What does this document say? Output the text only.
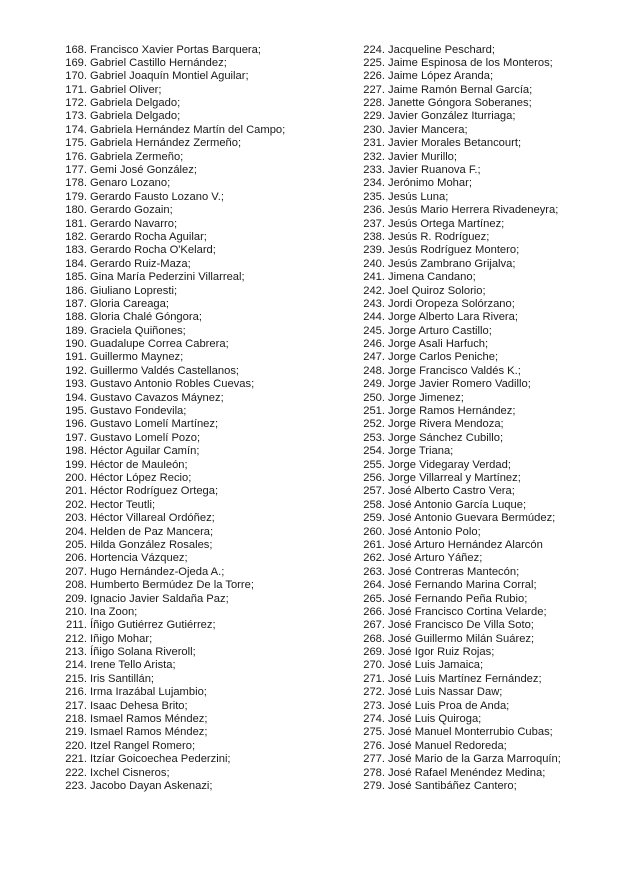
168. Francisco Xavier Portas Barquera;
169. Gabriel Castillo Hernández;
170. Gabriel Joaquín Montiel Aguilar;
171. Gabriel Oliver;
172. Gabriela Delgado;
173. Gabriela Delgado;
174. Gabriela Hernández Martín del Campo;
175. Gabriela Hernández Zermeño;
176. Gabriela Zermeño;
177. Gemi José González;
178. Genaro Lozano;
179. Gerardo Fausto Lozano V.;
180. Gerardo Gozain;
181. Gerardo Navarro;
182. Gerardo Rocha Aguilar;
183. Gerardo Rocha O'Kelard;
184. Gerardo Ruiz-Maza;
185. Gina María Pederzini Villarreal;
186. Giuliano Lopresti;
187. Gloria Careaga;
188. Gloria Chalé Góngora;
189. Graciela Quiñones;
190. Guadalupe Correa Cabrera;
191. Guillermo Maynez;
192. Guillermo Valdés Castellanos;
193. Gustavo Antonio Robles Cuevas;
194. Gustavo Cavazos Máynez;
195. Gustavo Fondevila;
196. Gustavo Lomelí Martínez;
197. Gustavo Lomelí Pozo;
198. Héctor Aguilar Camín;
199. Héctor de Mauleón;
200. Héctor López Recio;
201. Héctor Rodríguez Ortega;
202. Hector Teutli;
203. Héctor Villareal Ordóñez;
204. Helden de Paz Mancera;
205. Hilda González Rosales;
206. Hortencia Vázquez;
207. Hugo Hernández-Ojeda A.;
208. Humberto Bermúdez De la Torre;
209. Ignacio Javier Saldaña Paz;
210. Ina Zoon;
211. Íñigo Gutiérrez Gutiérrez;
212. Iñigo Mohar;
213. Íñigo Solana Riveroll;
214. Irene Tello Arista;
215. Iris Santillán;
216. Irma Irazábal Lujambio;
217. Isaac Dehesa Brito;
218. Ismael Ramos Méndez;
219. Ismael Ramos Méndez;
220. Itzel Rangel Romero;
221. Itzíar Goicoechea Pederzini;
222. Ixchel Cisneros;
223. Jacobo Dayan Askenazi;
224. Jacqueline Peschard;
225. Jaime Espinosa de los Monteros;
226. Jaime López Aranda;
227. Jaime Ramón Bernal García;
228. Janette Góngora Soberanes;
229. Javier González Iturriaga;
230. Javier Mancera;
231. Javier Morales Betancourt;
232. Javier Murillo;
233. Javier Ruanova F.;
234. Jerónimo Mohar;
235. Jesús Luna;
236. Jesús Mario Herrera Rivadeneyra;
237. Jesús Ortega Martínez;
238. Jesús R. Rodríguez;
239. Jesús Rodríguez Montero;
240. Jesús Zambrano Grijalva;
241. Jimena Candano;
242. Joel Quiroz Solorio;
243. Jordi Oropeza Solórzano;
244. Jorge Alberto Lara Rivera;
245. Jorge Arturo Castillo;
246. Jorge Asali Harfuch;
247. Jorge Carlos Peniche;
248. Jorge Francisco Valdés K.;
249. Jorge Javier Romero Vadillo;
250. Jorge Jimenez;
251. Jorge Ramos Hernández;
252. Jorge Rivera Mendoza;
253. Jorge Sánchez Cubillo;
254. Jorge Triana;
255. Jorge Videgaray Verdad;
256. Jorge Villarreal y Martínez;
257. José Alberto Castro Vera;
258. José Antonio García Luque;
259. José Antonio Guevara Bermúdez;
260. José Antonio Polo;
261. José Arturo Hernández Alarcón
262. José Arturo Yáñez;
263. José Contreras Mantecón;
264. José Fernando Marina Corral;
265. José Fernando Peña Rubio;
266. José Francisco Cortina Velarde;
267. José Francisco De Villa Soto;
268. José Guillermo Milán Suárez;
269. José Igor Ruiz Rojas;
270. José Luis Jamaica;
271. José Luis Martínez Fernández;
272. José Luis Nassar Daw;
273. José Luis Proa de Anda;
274. José Luis Quiroga;
275. José Manuel Monterrubio Cubas;
276. José Manuel Redoreda;
277. José Mario de la Garza Marroquín;
278. José Rafael Menéndez Medina;
279. José Santibáñez Cantero;
